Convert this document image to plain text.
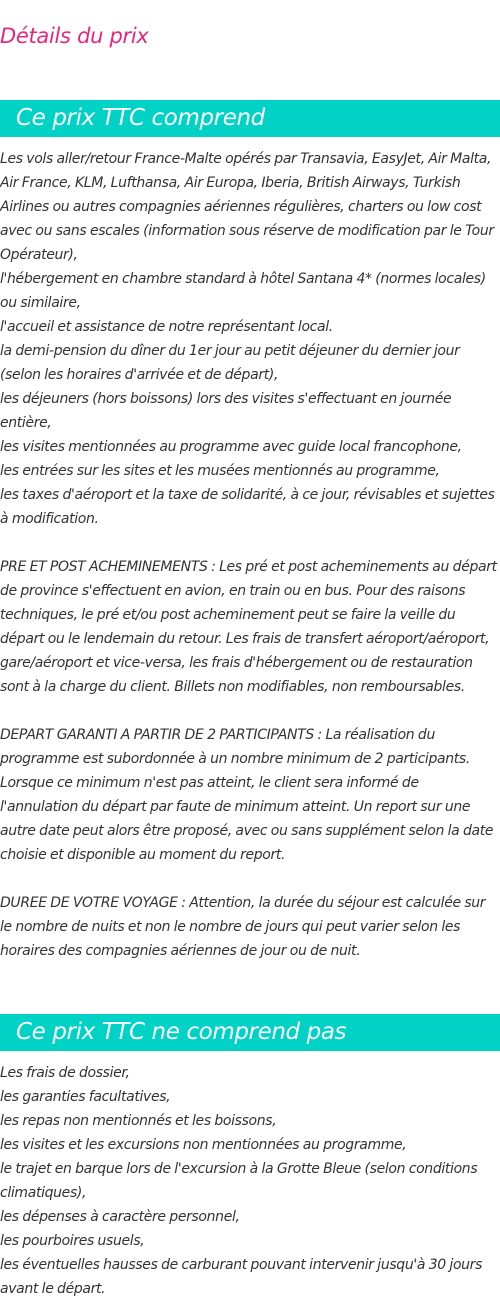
Détails du prix
Ce prix TTC comprend
Les vols aller/retour France-Malte opérés par Transavia, EasyJet, Air Malta, Air France, KLM, Lufthansa, Air Europa, Iberia, British Airways, Turkish Airlines ou autres compagnies aériennes régulières, charters ou low cost avec ou sans escales (information sous réserve de modification par le Tour Opérateur),
l'hébergement en chambre standard à hôtel Santana 4* (normes locales) ou similaire,
l'accueil et assistance de notre représentant local.
la demi-pension du dîner du 1er jour au petit déjeuner du dernier jour (selon les horaires d'arrivée et de départ),
les déjeuners (hors boissons) lors des visites s'effectuant en journée entière,
les visites mentionnées au programme avec guide local francophone,
les entrées sur les sites et les musées mentionnés au programme,
les taxes d'aéroport et la taxe de solidarité, à ce jour, révisables et sujettes à modification.
PRE ET POST ACHEMINEMENTS : Les pré et post acheminements au départ de province s'effectuent en avion, en train ou en bus. Pour des raisons techniques, le pré et/ou post acheminement peut se faire la veille du départ ou le lendemain du retour. Les frais de transfert aéroport/aéroport, gare/aéroport et vice-versa, les frais d'hébergement ou de restauration sont à la charge du client. Billets non modifiables, non remboursables.
DEPART GARANTI A PARTIR DE 2 PARTICIPANTS : La réalisation du programme est subordonnée à un nombre minimum de 2 participants. Lorsque ce minimum n'est pas atteint, le client sera informé de l'annulation du départ par faute de minimum atteint. Un report sur une autre date peut alors être proposé, avec ou sans supplément selon la date choisie et disponible au moment du report.
DUREE DE VOTRE VOYAGE : Attention, la durée du séjour est calculée sur le nombre de nuits et non le nombre de jours qui peut varier selon les horaires des compagnies aériennes de jour ou de nuit.
Ce prix TTC ne comprend pas
Les frais de dossier,
les garanties facultatives,
les repas non mentionnés et les boissons,
les visites et les excursions non mentionnées au programme,
le trajet en barque lors de l'excursion à la Grotte Bleue (selon conditions climatiques),
les dépenses à caractère personnel,
les pourboires usuels,
les éventuelles hausses de carburant pouvant intervenir jusqu'à 30 jours avant le départ.
